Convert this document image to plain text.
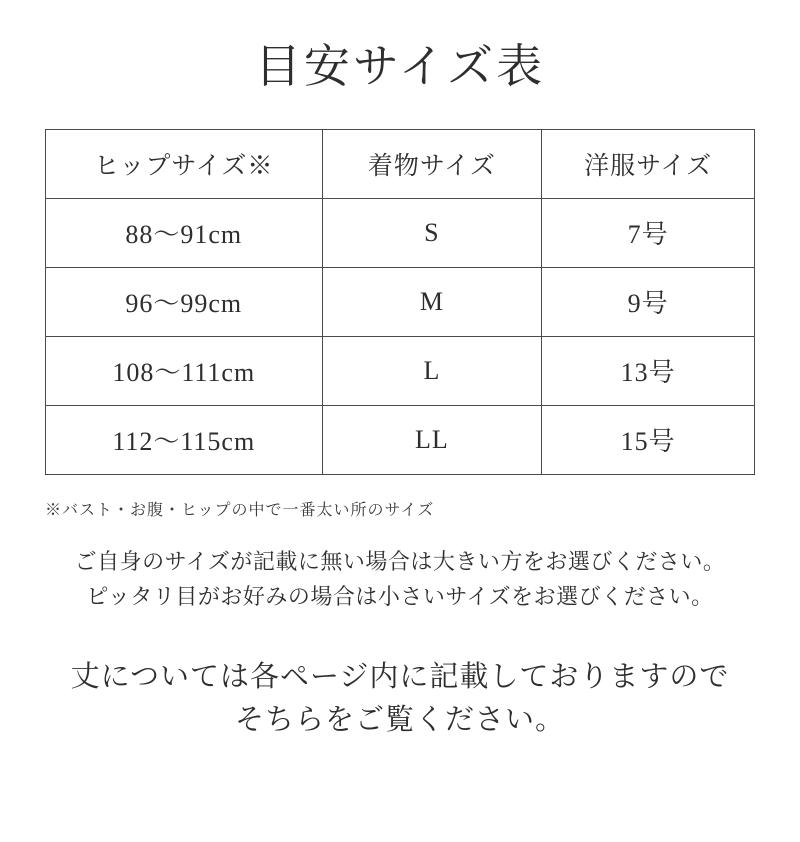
目安サイズ表
ヒップサイズ※	着物サイズ	洋服サイズ
88〜91cm	S	7号
96〜99cm	M	9号
108〜111cm	L	13号
112〜115cm	LL	15号
※バスト・お腹・ヒップの中で一番太い所のサイズ
ご自身のサイズが記載に無い場合は大きい方をお選びください。
ピッタリ目がお好みの場合は小さいサイズをお選びください。
丈については各ページ内に記載しておりますので
そちらをご覧ください。
